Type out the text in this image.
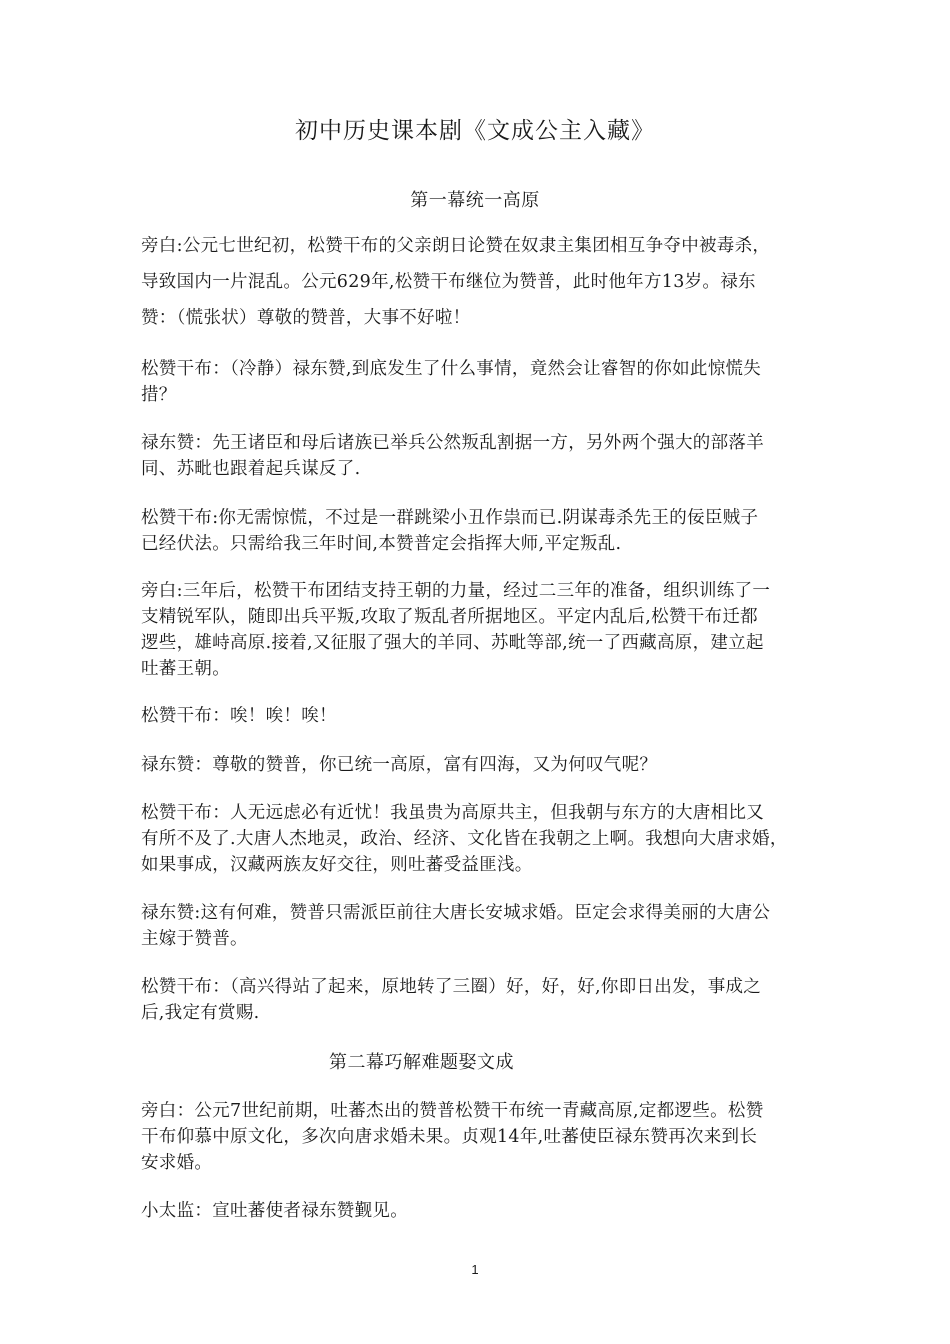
初中历史课本剧《文成公主入藏》
第一幕统一高原
旁白:公元七世纪初，松赞干布的父亲朗日论赞在奴隶主集团相互争夺中被毒杀，
导致国内一片混乱。公元629年,松赞干布继位为赞普，此时他年方13岁。禄东
赞：（慌张状）尊敬的赞普，大事不好啦！
松赞干布：（冷静）禄东赞,到底发生了什么事情，竟然会让睿智的你如此惊慌失
措？
禄东赞：先王诸臣和母后诸族已举兵公然叛乱割据一方，另外两个强大的部落羊
同、苏毗也跟着起兵谋反了.
松赞干布:你无需惊慌，不过是一群跳梁小丑作祟而已.阴谋毒杀先王的佞臣贼子
已经伏法。只需给我三年时间,本赞普定会指挥大师,平定叛乱.
旁白:三年后，松赞干布团结支持王朝的力量，经过二三年的准备，组织训练了一
支精锐军队，随即出兵平叛,攻取了叛乱者所据地区。平定内乱后,松赞干布迁都
逻些，雄峙高原.接着,又征服了强大的羊同、苏毗等部,统一了西藏高原，建立起
吐蕃王朝。
松赞干布：唉！唉！唉！
禄东赞：尊敬的赞普，你已统一高原，富有四海，又为何叹气呢？
松赞干布：人无远虑必有近忧！我虽贵为高原共主，但我朝与东方的大唐相比又
有所不及了.大唐人杰地灵，政治、经济、文化皆在我朝之上啊。我想向大唐求婚，
如果事成，汉藏两族友好交往，则吐蕃受益匪浅。
禄东赞:这有何难，赞普只需派臣前往大唐长安城求婚。臣定会求得美丽的大唐公
主嫁于赞普。
松赞干布：（高兴得站了起来，原地转了三圈）好，好，好,你即日出发，事成之
后,我定有赏赐.
第二幕巧解难题娶文成
旁白：公元7世纪前期，吐蕃杰出的赞普松赞干布统一青藏高原,定都逻些。松赞
干布仰慕中原文化，多次向唐求婚未果。贞观14年,吐蕃使臣禄东赞再次来到长
安求婚。
小太监：宣吐蕃使者禄东赞觐见。
1
